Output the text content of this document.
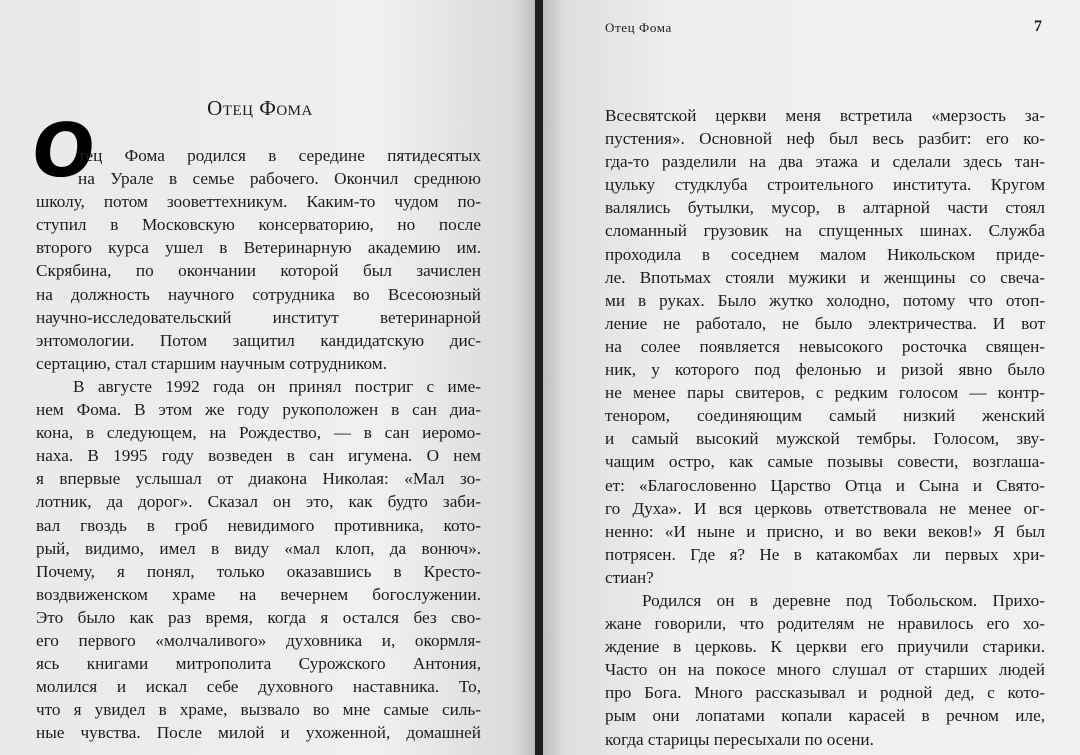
Отец Фома
О
тец Фома родился в середине пятидесятых
на Урале в семье рабочего. Окончил среднюю
школу, потом зооветтехникум. Каким-то чудом по-
ступил в Московскую консерваторию, но после
второго курса ушел в Ветеринарную академию им.
Скрябина, по окончании которой был зачислен
на должность научного сотрудника во Всесоюзный
научно-исследовательский институт ветеринарной
энтомологии. Потом защитил кандидатскую дис-
сертацию, стал старшим научным сотрудником.
В августе 1992 года он принял постриг с име-
нем Фома. В этом же году рукоположен в сан диа-
кона, в следующем, на Рождество, — в сан иеромо-
наха. В 1995 году возведен в сан игумена. О нем
я впервые услышал от диакона Николая: «Мал зо-
лотник, да дорог». Сказал он это, как будто заби-
вал гвоздь в гроб невидимого противника, кото-
рый, видимо, имел в виду «мал клоп, да вонюч».
Почему, я понял, только оказавшись в Кресто-
воздвиженском храме на вечернем богослужении.
Это было как раз время, когда я остался без сво-
его первого «молчаливого» духовника и, окормля-
ясь книгами митрополита Сурожского Антония,
молился и искал себе духовного наставника. То,
что я увидел в храме, вызвало во мне самые силь-
ные чувства. После милой и ухоженной, домашней
Отец Фома	7
Всесвятской церкви меня встретила «мерзость за-
пустения». Основной неф был весь разбит: его ко-
гда-то разделили на два этажа и сделали здесь тан-
цульку студклуба строительного института. Кругом
валялись бутылки, мусор, в алтарной части стоял
сломанный грузовик на спущенных шинах. Служба
проходила в соседнем малом Никольском приде-
ле. Впотьмах стояли мужики и женщины со свеча-
ми в руках. Было жутко холодно, потому что отоп-
ление не работало, не было электричества. И вот
на солее появляется невысокого росточка священ-
ник, у которого под фелонью и ризой явно было
не менее пары свитеров, с редким голосом — контр-
тенором, соединяющим самый низкий женский
и самый высокий мужской тембры. Голосом, зву-
чащим остро, как самые позывы совести, возглаша-
ет: «Благословенно Царство Отца и Сына и Свято-
го Духа». И вся церковь ответствовала не менее ог-
ненно: «И ныне и присно, и во веки веков!» Я был
потрясен. Где я? Не в катакомбах ли первых хри-
стиан?
Родился он в деревне под Тобольском. Прихо-
жане говорили, что родителям не нравилось его хо-
ждение в церковь. К церкви его приучили старики.
Часто он на покосе много слушал от старших людей
про Бога. Много рассказывал и родной дед, с кото-
рым они лопатами копали карасей в речном иле,
когда старицы пересыхали по осени.
